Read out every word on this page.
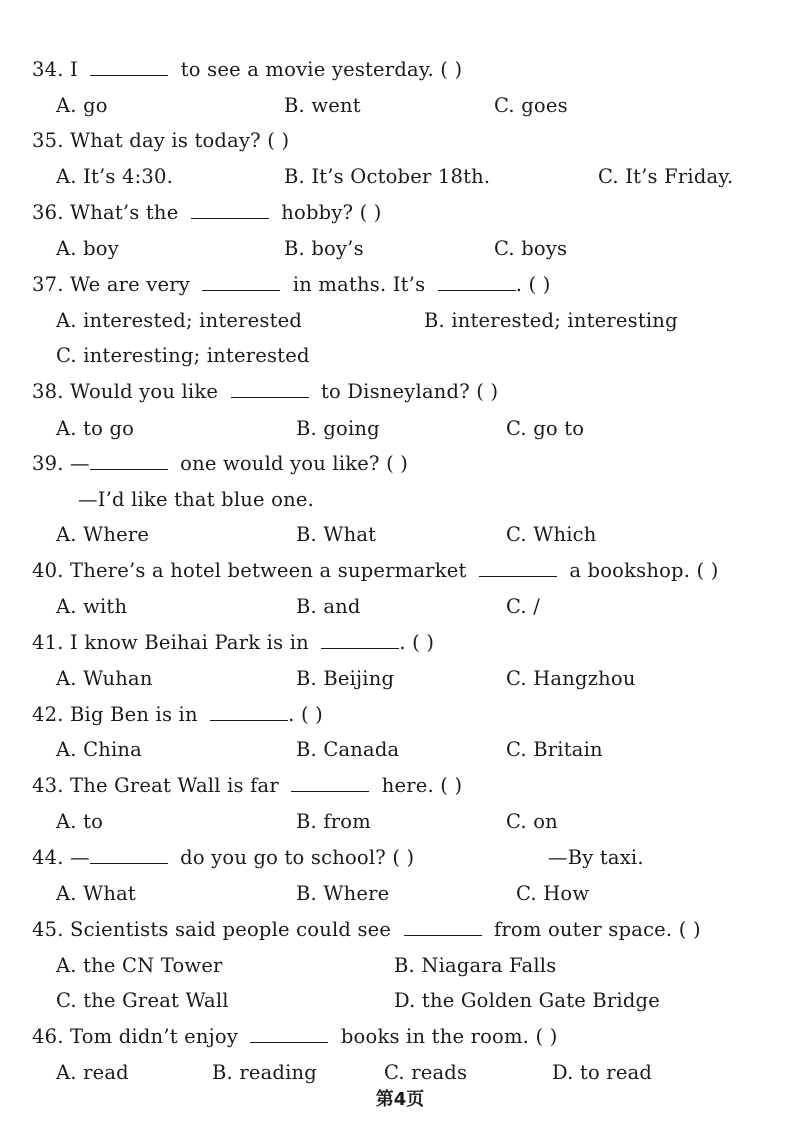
34. I	to see a movie yesterday. ( )
A. go	B. went	C. goes
35. What day is today? ( )
A. It’s 4:30.	B. It’s October 18th.	C. It’s Friday.
36. What’s the	hobby? ( )
A. boy	B. boy’s	C. boys
37. We are very	in maths. It’s	. ( )
A. interested; interested	B. interested; interesting
C. interesting; interested
38. Would you like	to Disneyland? ( )
A. to go	B. going	C. go to
39. —	one would you like? ( )
—I’d like that blue one.
A. Where	B. What	C. Which
40. There’s a hotel between a supermarket	a bookshop. ( )
A. with	B. and	C. /
41. I know Beihai Park is in	. ( )
A. Wuhan	B. Beijing	C. Hangzhou
42. Big Ben is in	. ( )
A. China	B. Canada	C. Britain
43. The Great Wall is far	here. ( )
A. to	B. from	C. on
44. —	do you go to school? ( )	—By taxi.
A. What	B. Where	C. How
45. Scientists said people could see	from outer space. ( )
A. the CN Tower	B. Niagara Falls
C. the Great Wall	D. the Golden Gate Bridge
46. Tom didn’t enjoy	books in the room. ( )
A. read	B. reading	C. reads	D. to read
第4页
